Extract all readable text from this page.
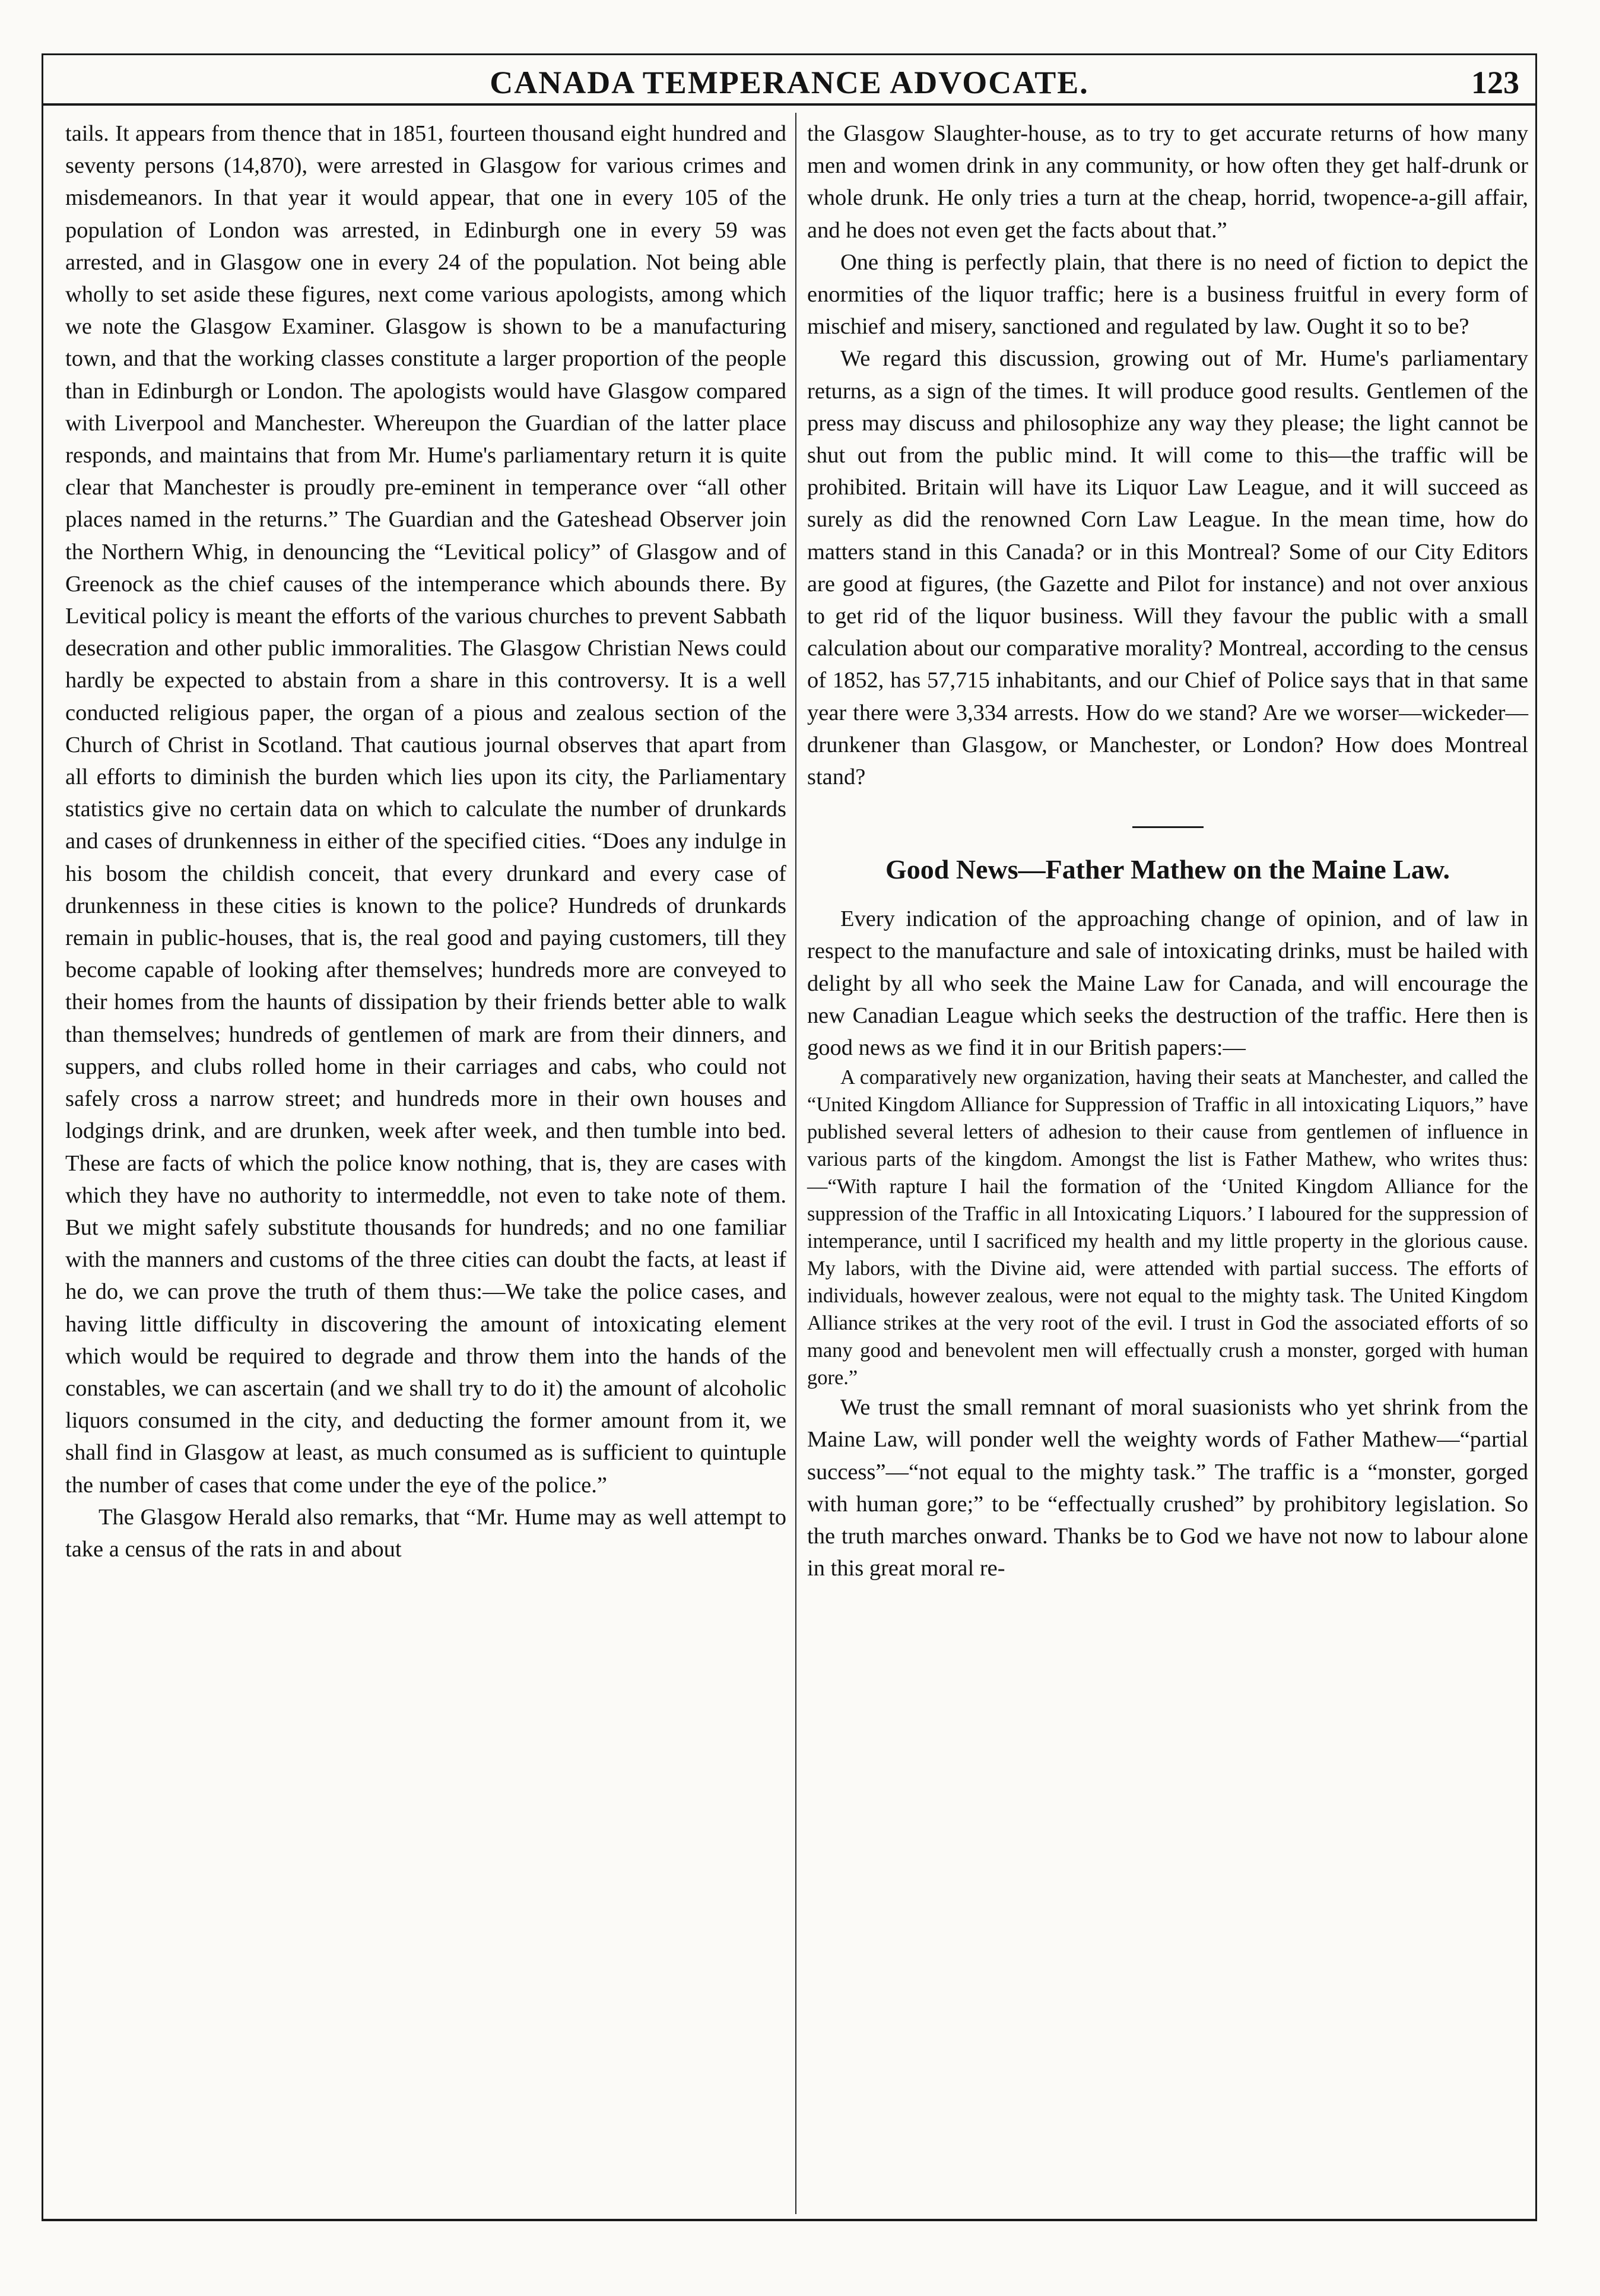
CANADA TEMPERANCE ADVOCATE.	123

tails. It appears from thence that in 1851, fourteen thousand eight hundred and seventy persons (14,870), were arrested in Glasgow for various crimes and misdemeanors. In that year it would appear, that one in every 105 of the population of London was arrested, in Edinburgh one in every 59 was arrested, and in Glasgow one in every 24 of the population. Not being able wholly to set aside these figures, next come various apologists, among which we note the Glasgow Examiner. Glasgow is shown to be a manufacturing town, and that the working classes constitute a larger proportion of the people than in Edinburgh or London. The apologists would have Glasgow compared with Liverpool and Manchester. Whereupon the Guardian of the latter place responds, and maintains that from Mr. Hume's parliamentary return it is quite clear that Manchester is proudly pre-eminent in temperance over “all other places named in the returns.” The Guardian and the Gateshead Observer join the Northern Whig, in denouncing the “Levitical policy” of Glasgow and of Greenock as the chief causes of the intemperance which abounds there. By Levitical policy is meant the efforts of the various churches to prevent Sabbath desecration and other public immoralities. The Glasgow Christian News could hardly be expected to abstain from a share in this controversy. It is a well conducted religious paper, the organ of a pious and zealous section of the Church of Christ in Scotland. That cautious journal observes that apart from all efforts to diminish the burden which lies upon its city, the Parliamentary statistics give no certain data on which to calculate the number of drunkards and cases of drunkenness in either of the specified cities. “Does any indulge in his bosom the childish conceit, that every drunkard and every case of drunkenness in these cities is known to the police? Hundreds of drunkards remain in public-houses, that is, the real good and paying customers, till they become capable of looking after themselves; hundreds more are conveyed to their homes from the haunts of dissipation by their friends better able to walk than themselves; hundreds of gentlemen of mark are from their dinners, and suppers, and clubs rolled home in their carriages and cabs, who could not safely cross a narrow street; and hundreds more in their own houses and lodgings drink, and are drunken, week after week, and then tumble into bed. These are facts of which the police know nothing, that is, they are cases with which they have no authority to intermeddle, not even to take note of them. But we might safely substitute thousands for hundreds; and no one familiar with the manners and customs of the three cities can doubt the facts, at least if he do, we can prove the truth of them thus:—We take the police cases, and having little difficulty in discovering the amount of intoxicating element which would be required to degrade and throw them into the hands of the constables, we can ascertain (and we shall try to do it) the amount of alcoholic liquors consumed in the city, and deducting the former amount from it, we shall find in Glasgow at least, as much consumed as is sufficient to quintuple the number of cases that come under the eye of the police.”

The Glasgow Herald also remarks, that “Mr. Hume may as well attempt to take a census of the rats in and about

the Glasgow Slaughter-house, as to try to get accurate returns of how many men and women drink in any community, or how often they get half-drunk or whole drunk. He only tries a turn at the cheap, horrid, twopence-a-gill affair, and he does not even get the facts about that.”

One thing is perfectly plain, that there is no need of fiction to depict the enormities of the liquor traffic; here is a business fruitful in every form of mischief and misery, sanctioned and regulated by law. Ought it so to be?

We regard this discussion, growing out of Mr. Hume's parliamentary returns, as a sign of the times. It will produce good results. Gentlemen of the press may discuss and philosophize any way they please; the light cannot be shut out from the public mind. It will come to this—the traffic will be prohibited. Britain will have its Liquor Law League, and it will succeed as surely as did the renowned Corn Law League. In the mean time, how do matters stand in this Canada? or in this Montreal? Some of our City Editors are good at figures, (the Gazette and Pilot for instance) and not over anxious to get rid of the liquor business. Will they favour the public with a small calculation about our comparative morality? Montreal, according to the census of 1852, has 57,715 inhabitants, and our Chief of Police says that in that same year there were 3,334 arrests. How do we stand? Are we worser—wickeder—drunkener than Glasgow, or Manchester, or London? How does Montreal stand?

Good News—Father Mathew on the Maine Law.

Every indication of the approaching change of opinion, and of law in respect to the manufacture and sale of intoxicating drinks, must be hailed with delight by all who seek the Maine Law for Canada, and will encourage the new Canadian League which seeks the destruction of the traffic. Here then is good news as we find it in our British papers:—

A comparatively new organization, having their seats at Manchester, and called the “United Kingdom Alliance for Suppression of Traffic in all intoxicating Liquors,” have published several letters of adhesion to their cause from gentlemen of influence in various parts of the kingdom. Amongst the list is Father Mathew, who writes thus:—“With rapture I hail the formation of the ‘United Kingdom Alliance for the suppression of the Traffic in all Intoxicating Liquors.’ I laboured for the suppression of intemperance, until I sacrificed my health and my little property in the glorious cause. My labors, with the Divine aid, were attended with partial success. The efforts of individuals, however zealous, were not equal to the mighty task. The United Kingdom Alliance strikes at the very root of the evil. I trust in God the associated efforts of so many good and benevolent men will effectually crush a monster, gorged with human gore.”

We trust the small remnant of moral suasionists who yet shrink from the Maine Law, will ponder well the weighty words of Father Mathew—“partial success”—“not equal to the mighty task.” The traffic is a “monster, gorged with human gore;” to be “effectually crushed” by prohibitory legislation. So the truth marches onward. Thanks be to God we have not now to labour alone in this great moral re-
